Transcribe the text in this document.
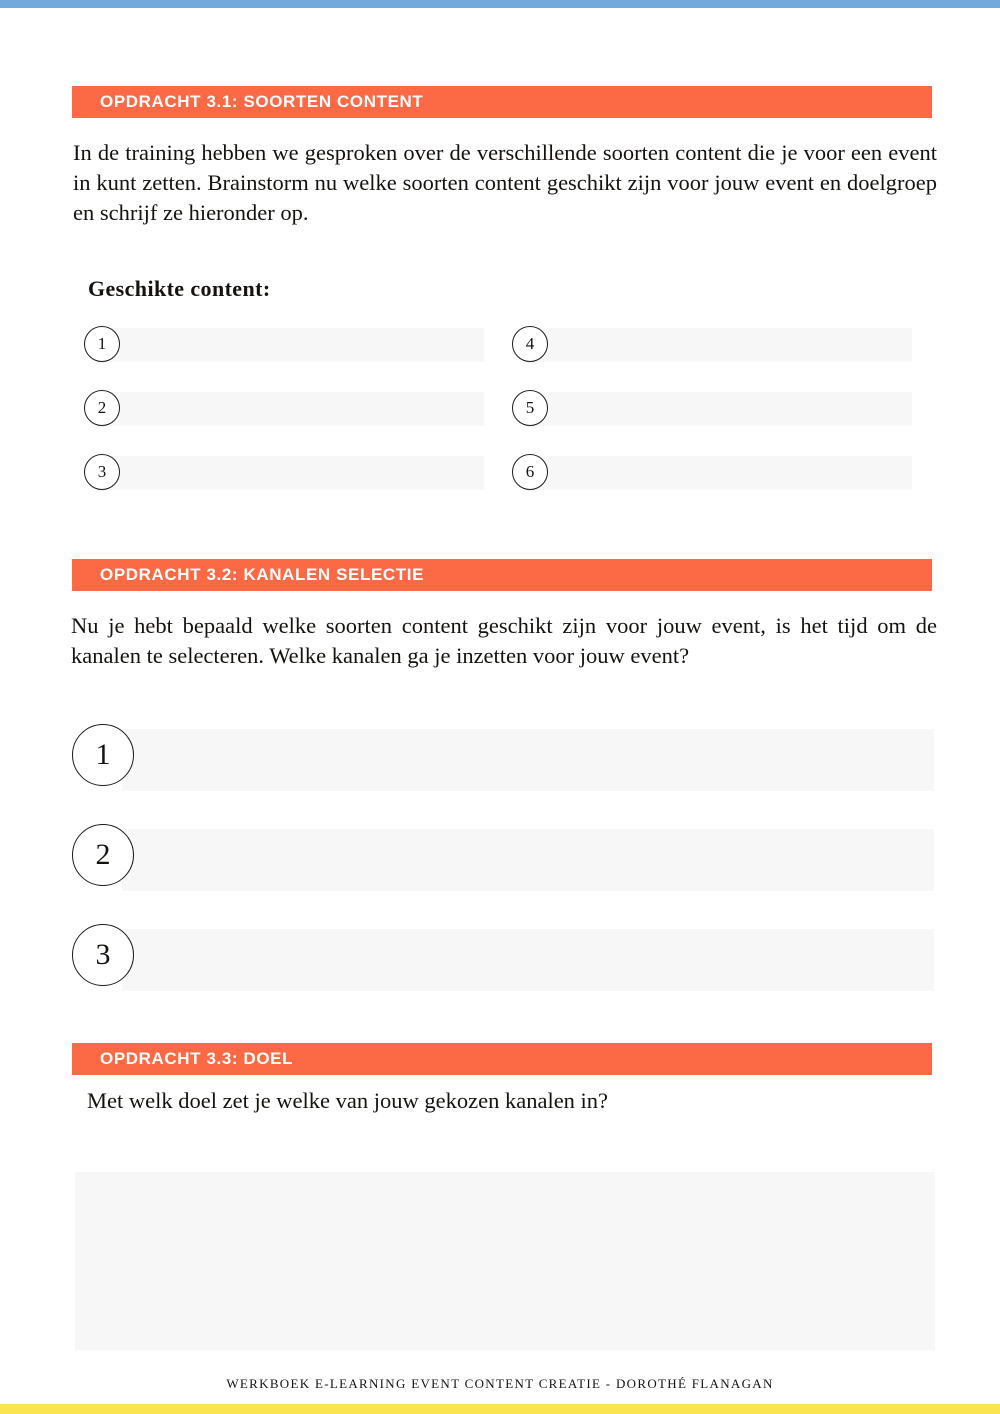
OPDRACHT 3.1: SOORTEN CONTENT
In de training hebben we gesproken over de verschillende soorten content die je voor een event in kunt zetten. Brainstorm nu welke soorten content geschikt zijn voor jouw event en doelgroep en schrijf ze hieronder op.
Geschikte content:
1
2
3
4
5
6
OPDRACHT 3.2: KANALEN SELECTIE
Nu je hebt bepaald welke soorten content geschikt zijn voor jouw event, is het tijd om de kanalen te selecteren. Welke kanalen ga je inzetten voor jouw event?
1
2
3
OPDRACHT 3.3: DOEL
Met welk doel zet je welke van jouw gekozen kanalen in?
WERKBOEK E-LEARNING EVENT CONTENT CREATIE - DOROTHÉ FLANAGAN
